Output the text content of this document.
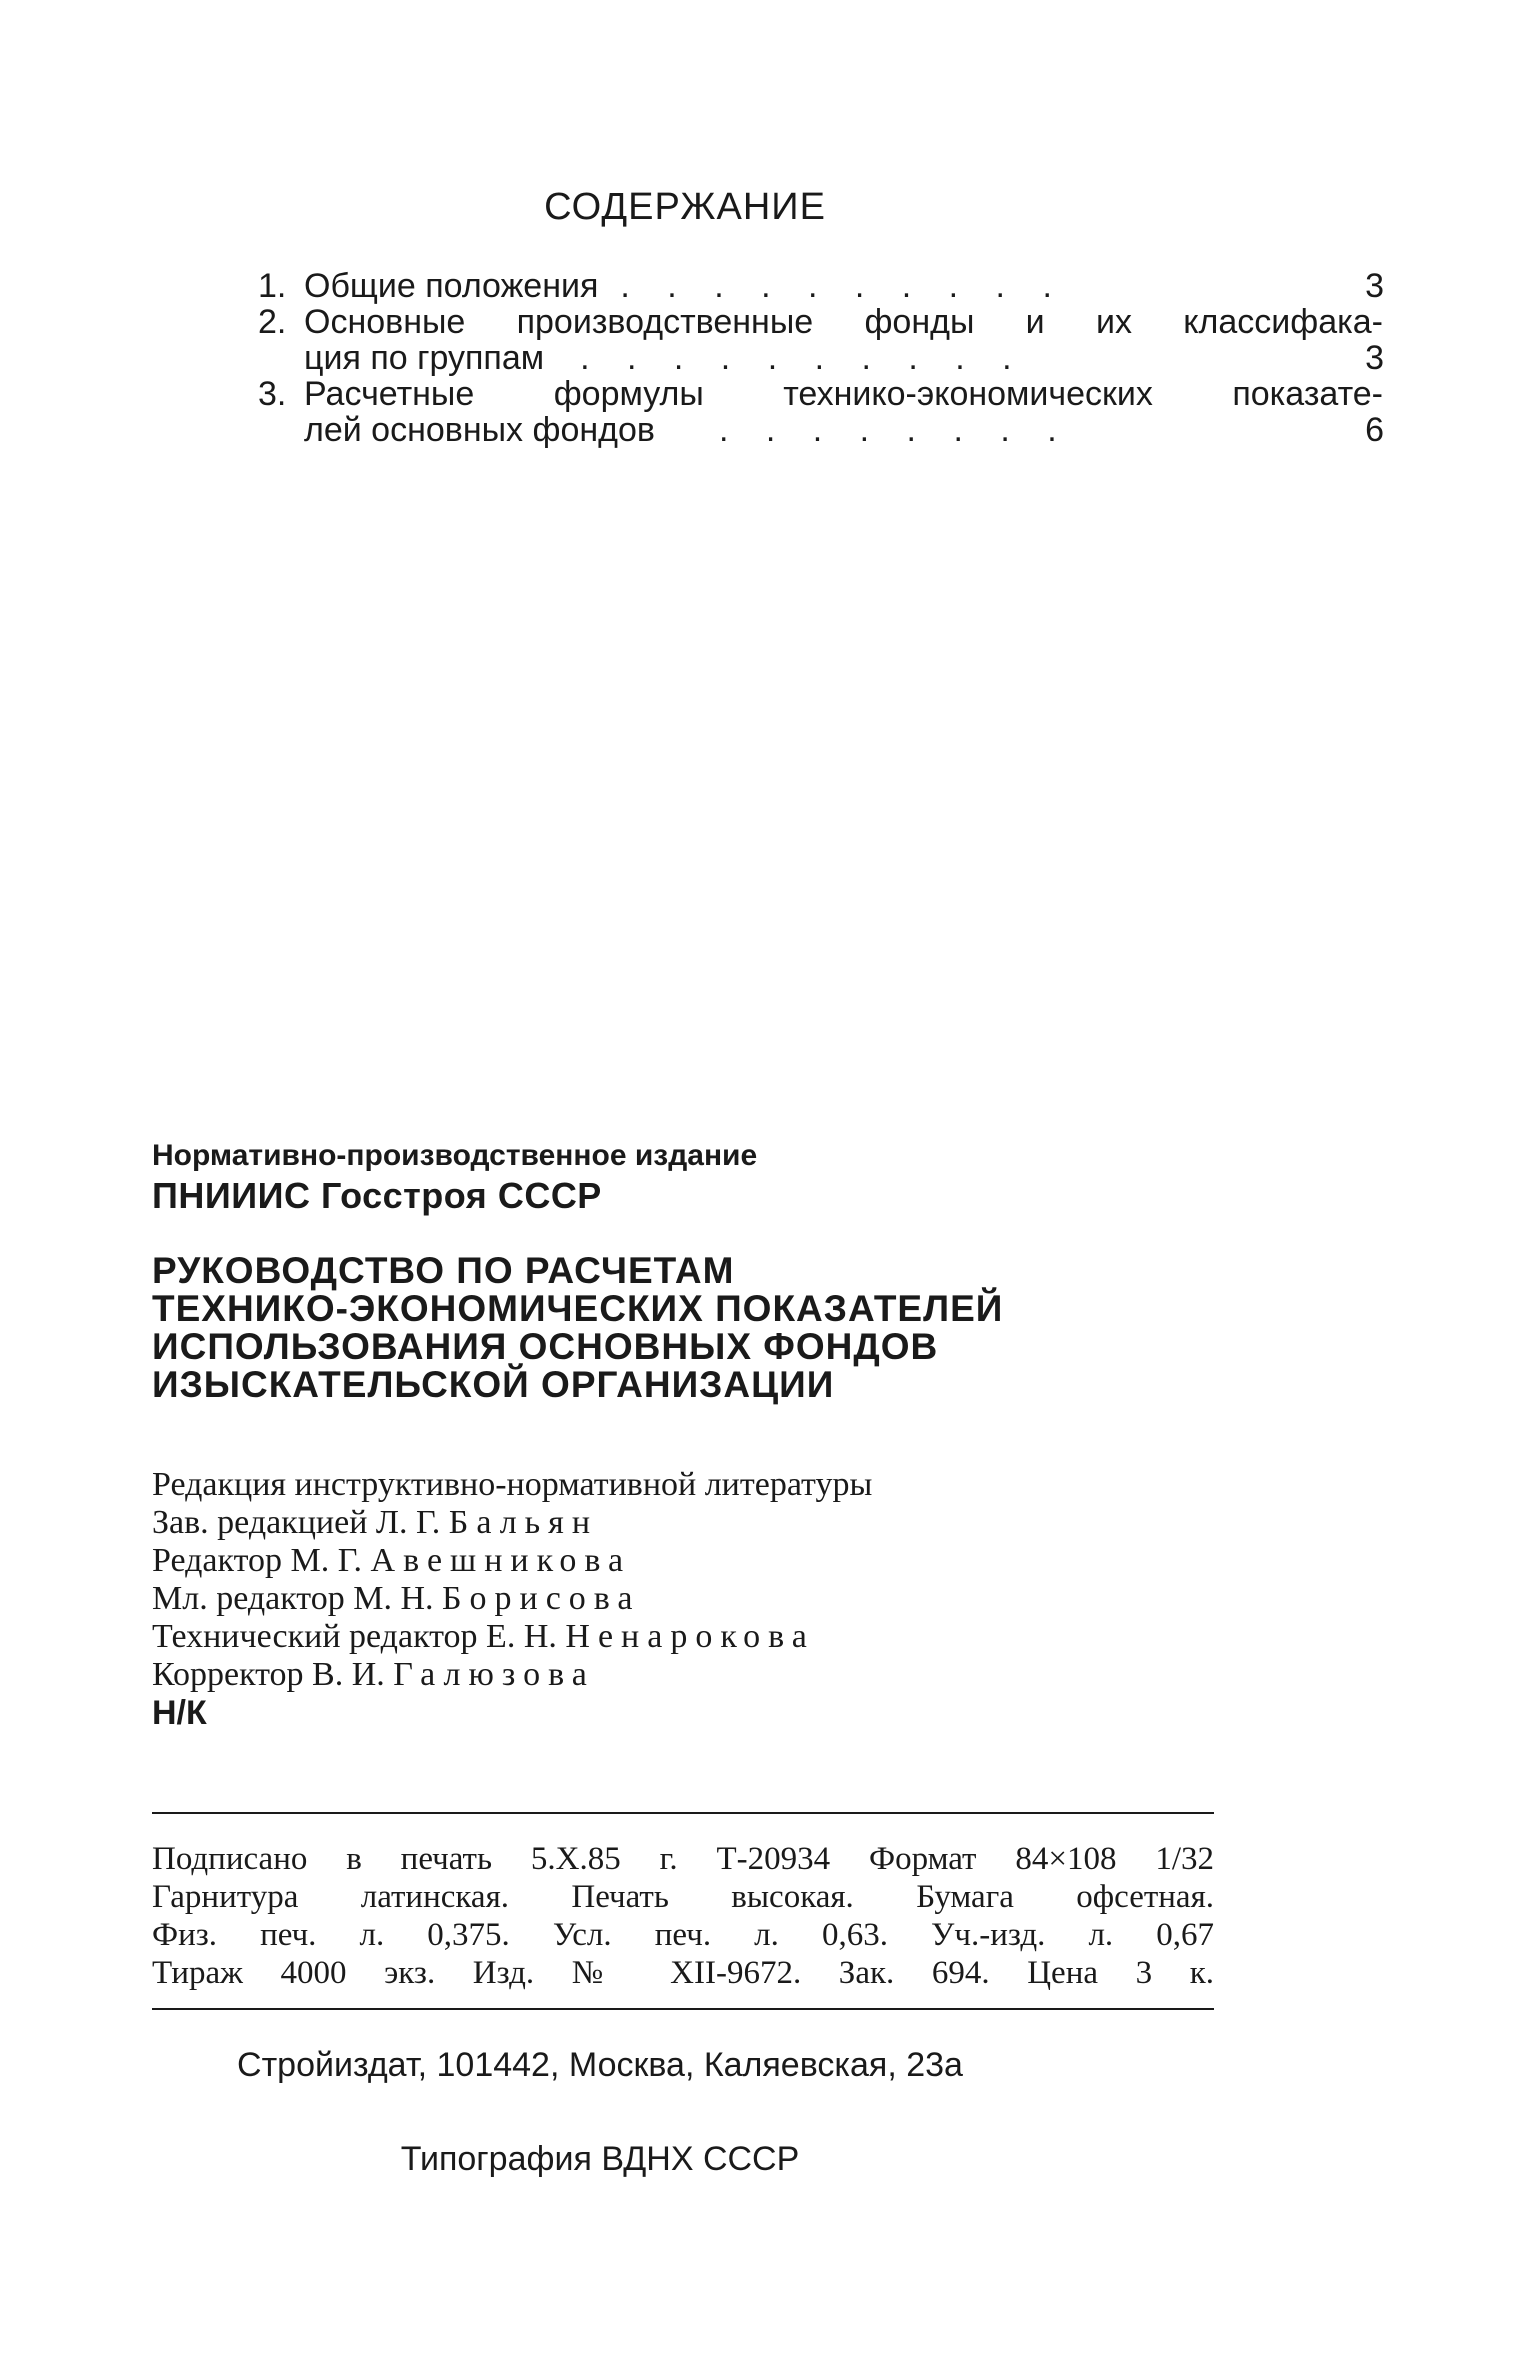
СОДЕРЖАНИЕ
1. Общие положения . . . . . . . . . .	3
2. Основные производственные фонды и их классифака-
ция по группам . . . . . . . . . .	3
3. Расчетные формулы технико-экономических показате-
лей основных фондов . . . . . . . .	6
Нормативно-производственное издание
ПНИИИС Госстроя СССР
РУКОВОДСТВО ПО РАСЧЕТАМ
ТЕХНИКО-ЭКОНОМИЧЕСКИХ ПОКАЗАТЕЛЕЙ
ИСПОЛЬЗОВАНИЯ ОСНОВНЫХ ФОНДОВ
ИЗЫСКАТЕЛЬСКОЙ ОРГАНИЗАЦИИ
Редакция инструктивно-нормативной литературы
Зав. редакцией Л. Г. Бальян
Редактор М. Г. Авешникова
Мл. редактор М. Н. Борисова
Технический редактор Е. Н. Ненарокова
Корректор В. И. Галюзова
Н/К
Подписано в печать 5.X.85 г. Т-20934 Формат 84×108 1/32
Гарнитура латинская. Печать высокая. Бумага офсетная.
Физ. печ. л. 0,375. Усл. печ. л. 0,63. Уч.-изд. л. 0,67
Тираж 4000 экз. Изд. № XII-9672. Зак. 694. Цена 3 к.
Стройиздат, 101442, Москва, Каляевская, 23а
Типография ВДНХ СССР
